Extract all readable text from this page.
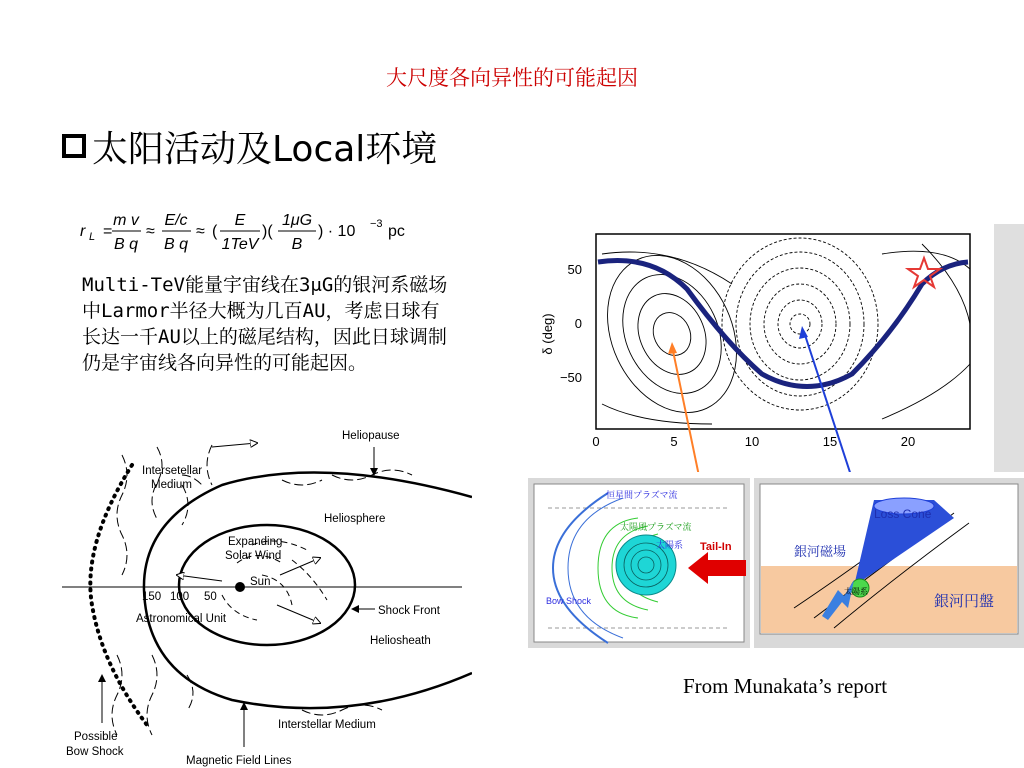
大尺度各向异性的可能起因
太阳活动及Local环境
r L =
m v
B q
≈
E/c
B q
≈ (
E
1TeV
)(
1μG
B
) · 10 −3 pc
Multi-TeV能量宇宙线在3μG的银河系磁场中Larmor半径大概为几百AU，考虑日球有长达一千AU以上的磁尾结构，因此日球调制仍是宇宙线各向异性的可能起因。
Heliopause
Intersetellar
Medium
Heliosphere
Expanding
Solar Wind
Sun
150 100 50
Astronomical Unit
Shock Front
Heliosheath
Interstellar Medium
Possible
Bow Shock
Magnetic Field Lines
50
0
−50
δ (deg)
0	5	10	15	20
恒星間プラズマ流
太陽風プラズマ流
太陽系 Tail-In
Bow Shock
Loss Cone
銀河磁場
太陽系
銀河円盤
From Munakata’s report
